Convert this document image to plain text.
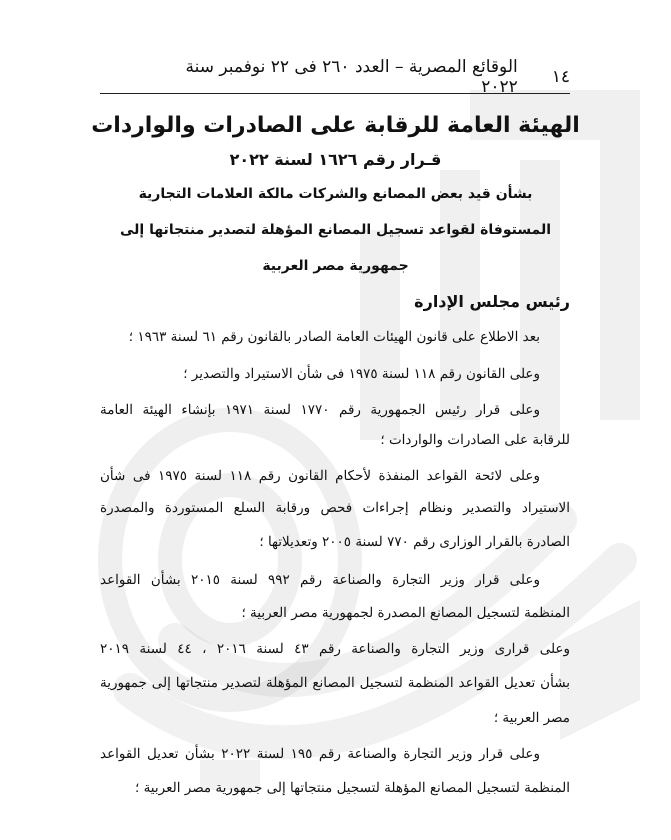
١٤
الوقائع المصرية – العدد ٢٦٠ فى ٢٢ نوفمبر سنة ٢٠٢٢
الهيئة العامة للرقابة على الصادرات والواردات
قـرار رقم ١٦٢٦ لسنة ٢٠٢٢
بشأن قيد بعض المصانع والشركات مالكة العلامات التجارية
المستوفاة لقواعد تسجيل المصانع المؤهلة لتصدير منتجاتها إلى
جمهورية مصر العربية
رئيس مجلس الإدارة
بعد الاطلاع على قانون الهيئات العامة الصادر بالقانون رقم ٦١ لسنة ١٩٦٣ ؛
وعلى القانون رقم ١١٨ لسنة ١٩٧٥ فى شأن الاستيراد والتصدير ؛
وعلى قرار رئيس الجمهورية رقم ١٧٧٠ لسنة ١٩٧١ بإنشاء الهيئة العامة
للرقابة على الصادرات والواردات ؛
وعلى لائحة القواعد المنفذة لأحكام القانون رقم ١١٨ لسنة ١٩٧٥ فى شأن
الاستيراد والتصدير ونظام إجراءات فحص ورقابة السلع المستوردة والمصدرة
الصادرة بالقرار الوزارى رقم ٧٧٠ لسنة ٢٠٠٥ وتعديلاتها ؛
وعلى قرار وزير التجارة والصناعة رقم ٩٩٢ لسنة ٢٠١٥ بشأن القواعد
المنظمة لتسجيل المصانع المصدرة لجمهورية مصر العربية ؛
وعلى قرارى وزير التجارة والصناعة رقم ٤٣ لسنة ٢٠١٦ ، ٤٤ لسنة ٢٠١٩
بشأن تعديل القواعد المنظمة لتسجيل المصانع المؤهلة لتصدير منتجاتها إلى جمهورية
مصر العربية ؛
وعلى قرار وزير التجارة والصناعة رقم ١٩٥ لسنة ٢٠٢٢ بشأن تعديل القواعد
المنظمة لتسجيل المصانع المؤهلة لتسجيل منتجاتها إلى جمهورية مصر العربية ؛
